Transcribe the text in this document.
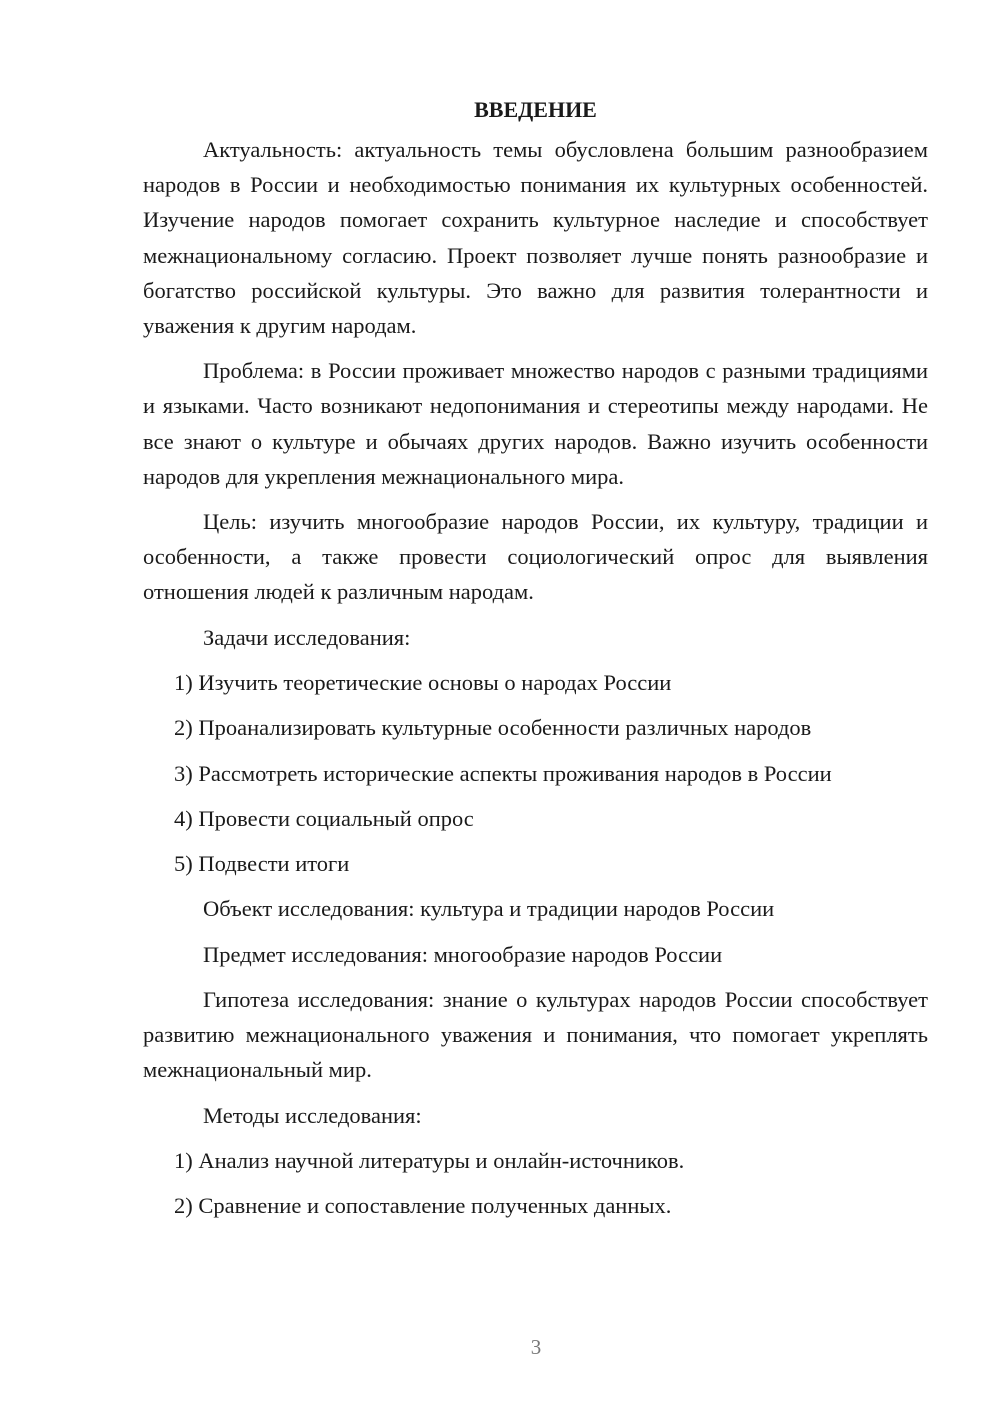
ВВЕДЕНИЕ

Актуальность: актуальность темы обусловлена большим разнообразием народов в России и необходимостью понимания их культурных особенностей. Изучение народов помогает сохранить культурное наследие и способствует межнациональному согласию. Проект позволяет лучше понять разнообразие и богатство российской культуры. Это важно для развития толерантности и уважения к другим народам.

Проблема: в России проживает множество народов с разными традициями и языками. Часто возникают недопонимания и стереотипы между народами. Не все знают о культуре и обычаях других народов. Важно изучить особенности народов для укрепления межнационального мира.

Цель: изучить многообразие народов России, их культуру, традиции и особенности, а также провести социологический опрос для выявления отношения людей к различным народам.

Задачи исследования:

1) Изучить теоретические основы о народах России

2) Проанализировать культурные особенности различных народов

3) Рассмотреть исторические аспекты проживания народов в России

4) Провести социальный опрос

5) Подвести итоги

Объект исследования: культура и традиции народов России

Предмет исследования: многообразие народов России

Гипотеза исследования: знание о культурах народов России способствует развитию межнационального уважения и понимания, что помогает укреплять межнациональный мир.

Методы исследования:

1) Анализ научной литературы и онлайн-источников.

2) Сравнение и сопоставление полученных данных.

3
